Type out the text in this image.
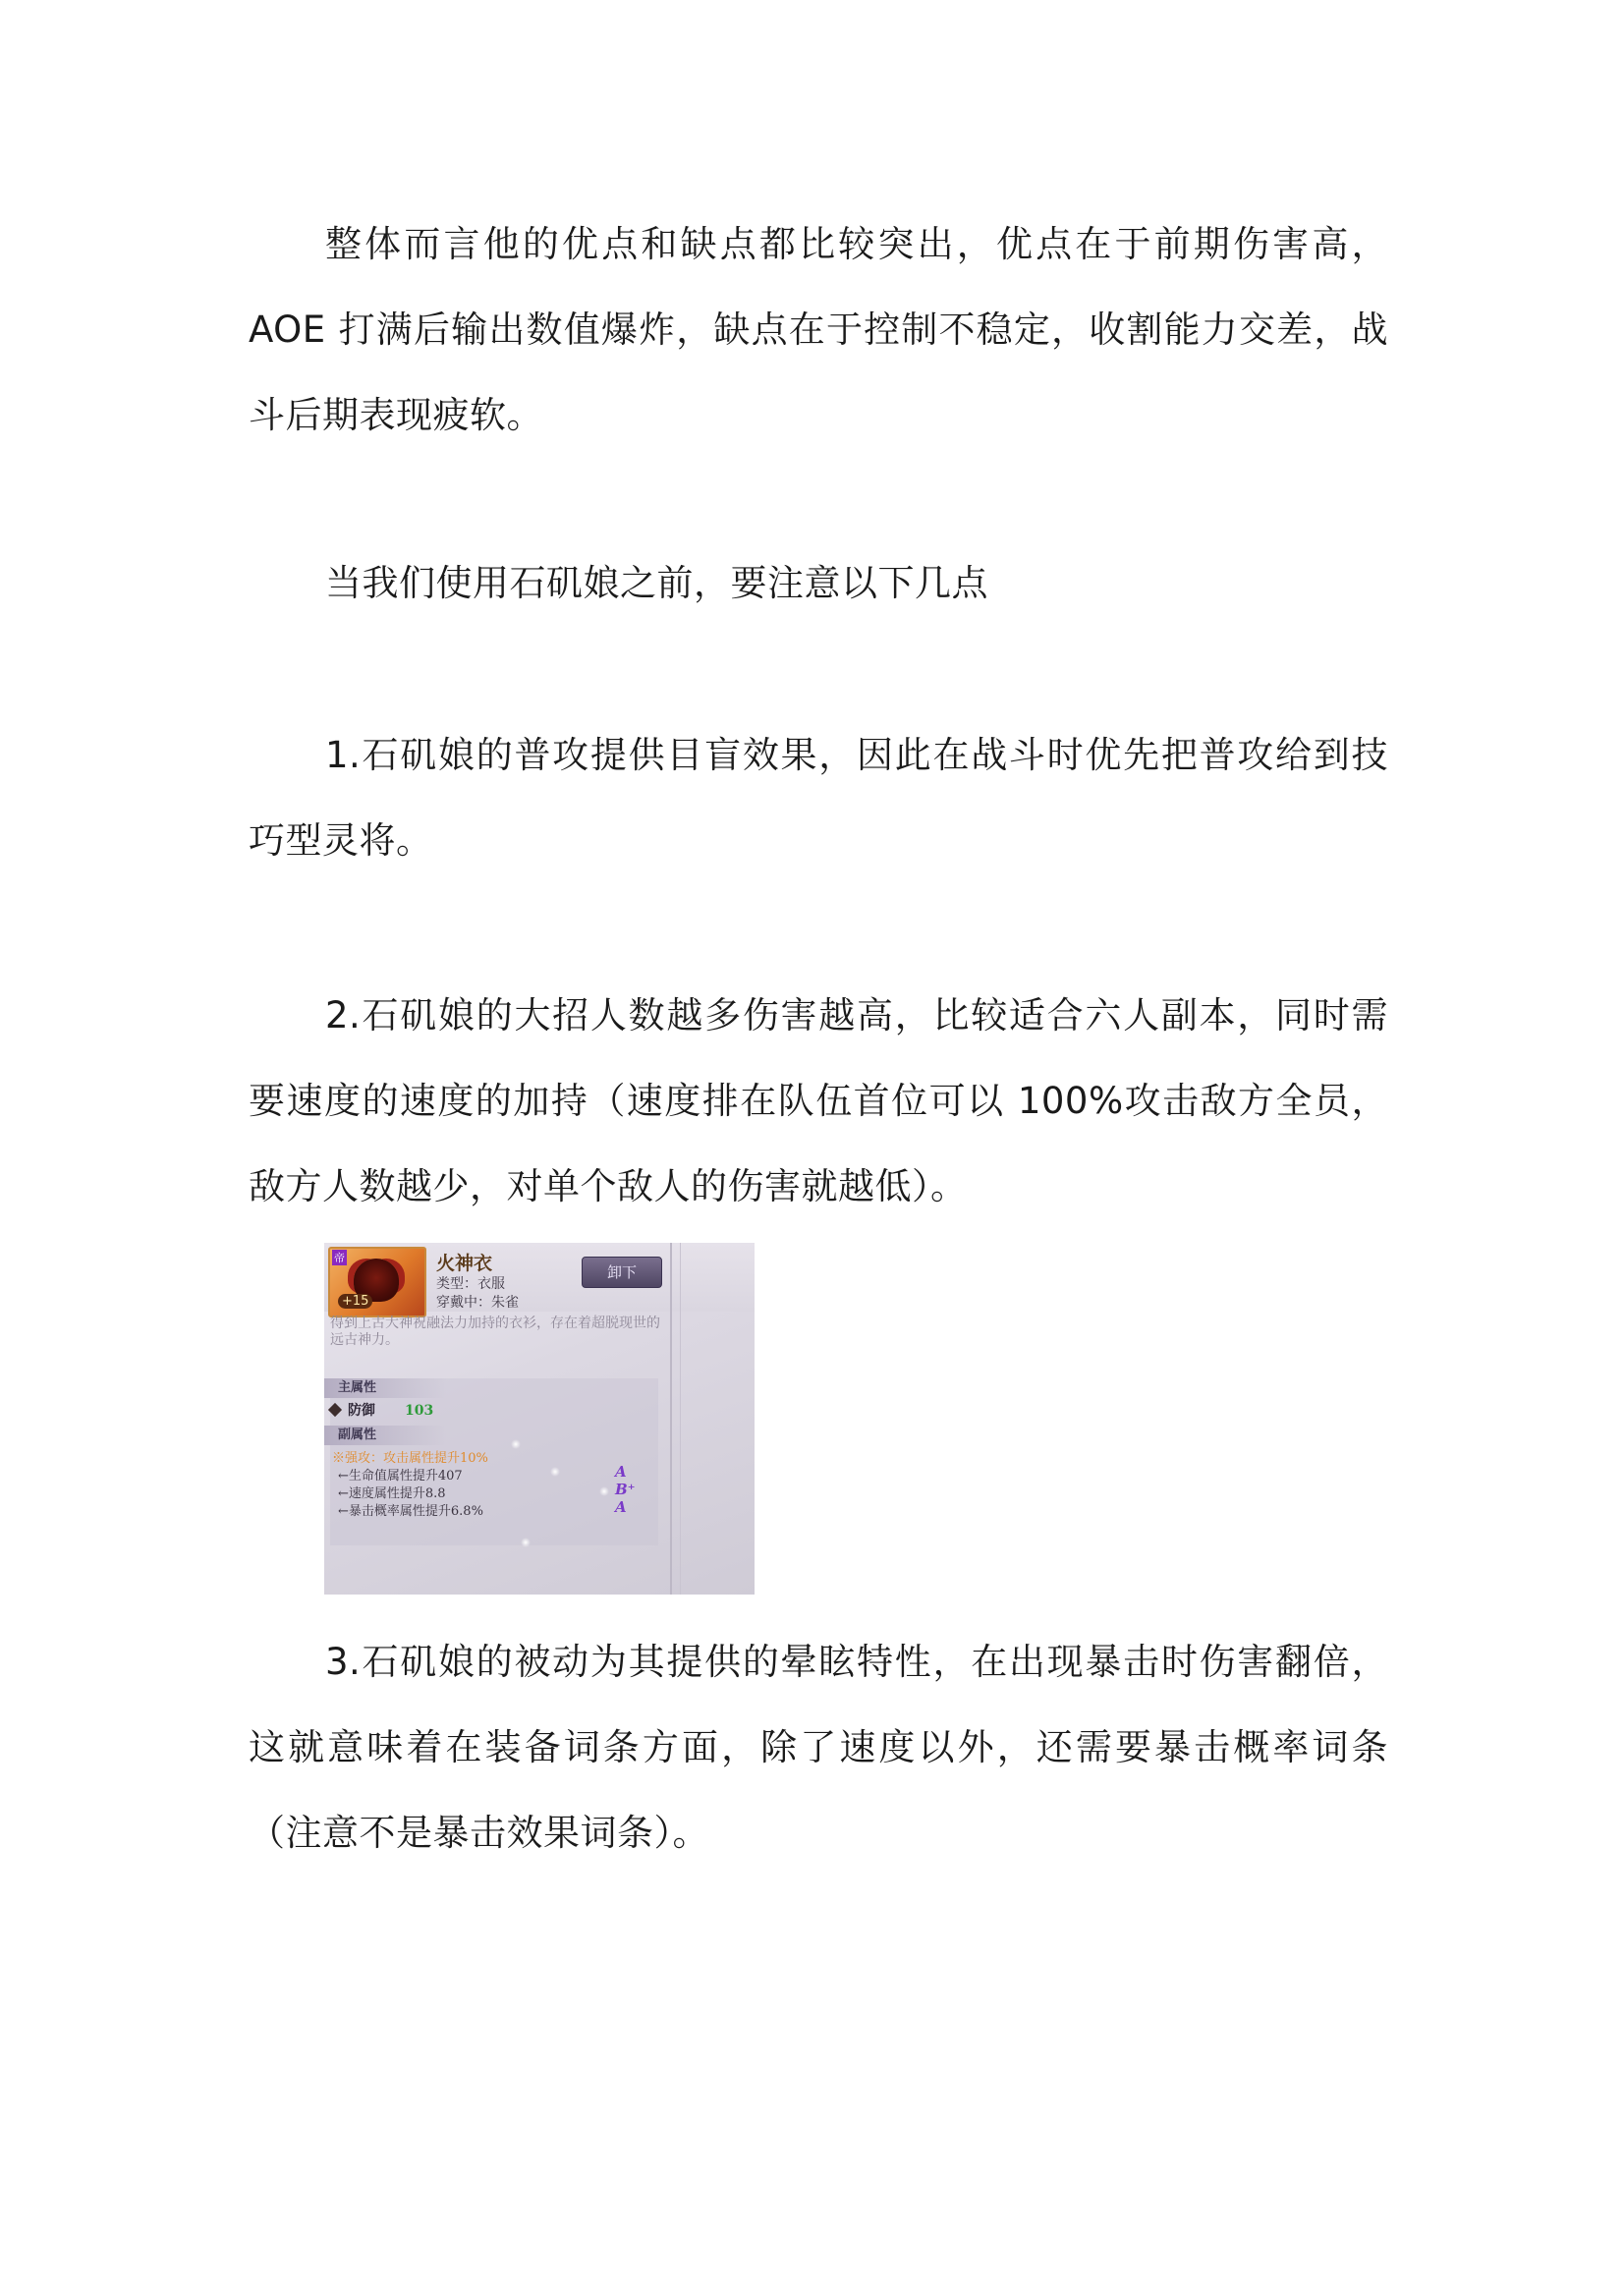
整体而言他的优点和缺点都比较突出，优点在于前期伤害高，AOE 打满后输出数值爆炸，缺点在于控制不稳定，收割能力交差，战斗后期表现疲软。

当我们使用石矶娘之前，要注意以下几点

1.石矶娘的普攻提供目盲效果，因此在战斗时优先把普攻给到技巧型灵将。

2.石矶娘的大招人数越多伤害越高，比较适合六人副本，同时需要速度的速度的加持（速度排在队伍首位可以 100%攻击敌方全员，敌方人数越少，对单个敌人的伤害就越低）。

帝
+15
火神衣
类型：衣服
穿戴中：朱雀
卸下
得到上古大神祝融法力加持的衣衫，存在着超脱现世的远古神力。
主属性
防御 103
副属性
※强攻：攻击属性提升10%
←生命值属性提升407	A
←速度属性提升8.8	B⁺
←暴击概率属性提升6.8%	A

3.石矶娘的被动为其提供的晕眩特性，在出现暴击时伤害翻倍，这就意味着在装备词条方面，除了速度以外，还需要暴击概率词条（注意不是暴击效果词条）。
